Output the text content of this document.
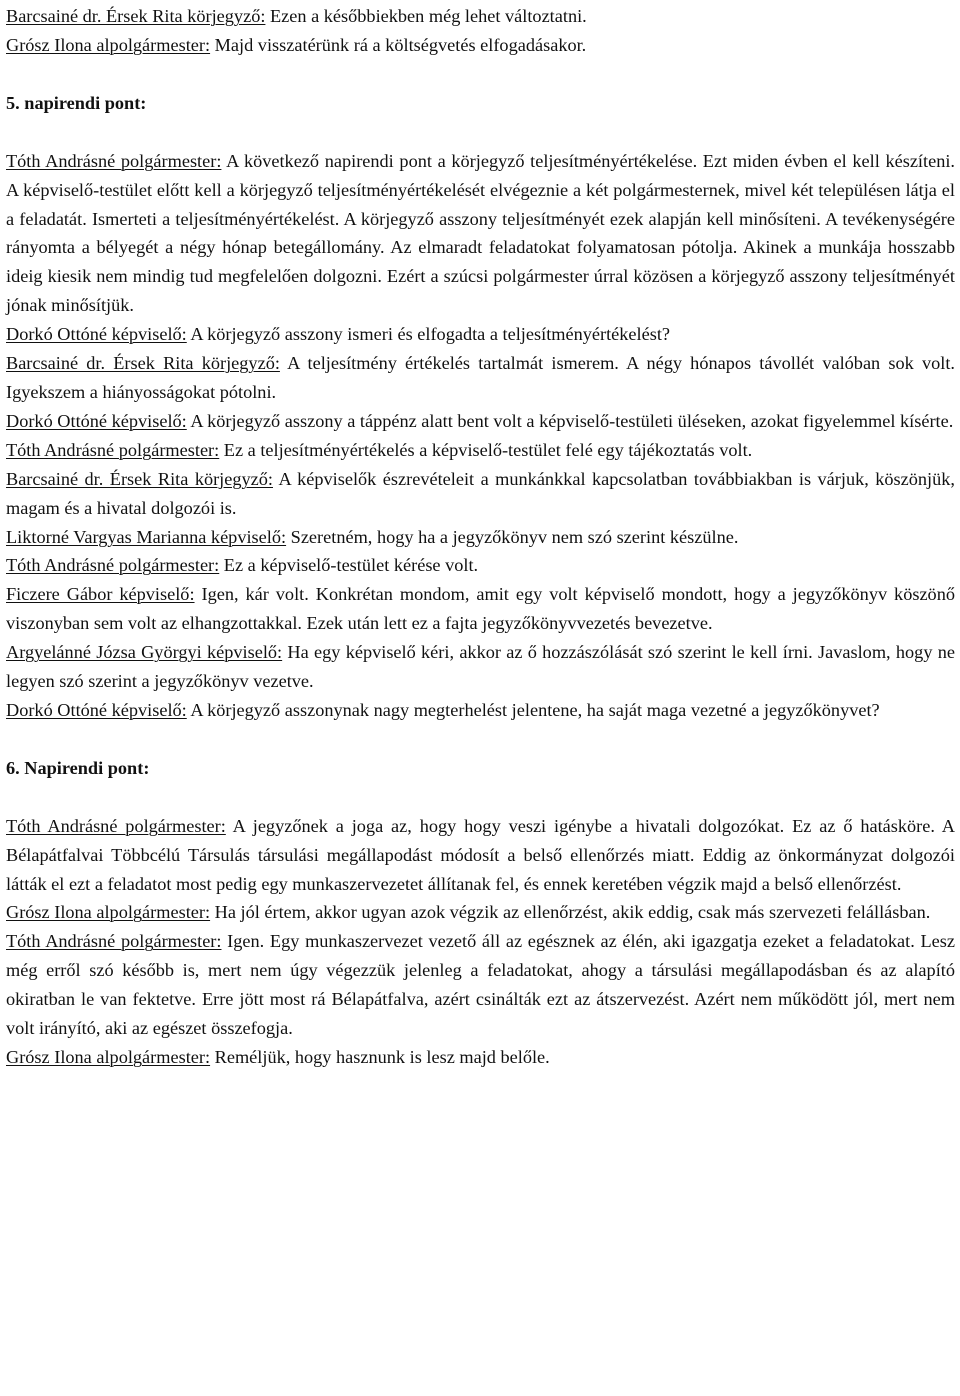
Barcsainé dr. Érsek Rita körjegyző: Ezen a későbbiekben még lehet változtatni.

Grósz Ilona alpolgármester: Majd visszatérünk rá a költségvetés elfogadásakor.

5. napirendi pont:

Tóth Andrásné polgármester: A következő napirendi pont a körjegyző teljesítményértékelése. Ezt miden évben el kell készíteni. A képviselő-testület előtt kell a körjegyző teljesítményértékelését elvégeznie a két polgármesternek, mivel két településen látja el a feladatát. Ismerteti a teljesítményértékelést. A körjegyző asszony teljesítményét ezek alapján kell minősíteni. A tevékenységére rányomta a bélyegét a négy hónap betegállomány. Az elmaradt feladatokat folyamatosan pótolja. Akinek a munkája hosszabb ideig kiesik nem mindig tud megfelelően dolgozni. Ezért a szúcsi polgármester úrral közösen a körjegyző asszony teljesítményét jónak minősítjük.

Dorkó Ottóné képviselő: A körjegyző asszony ismeri és elfogadta a teljesítményértékelést?

Barcsainé dr. Érsek Rita körjegyző: A teljesítmény értékelés tartalmát ismerem. A négy hónapos távollét valóban sok volt. Igyekszem a hiányosságokat pótolni.

Dorkó Ottóné képviselő: A körjegyző asszony a táppénz alatt bent volt a képviselő-testületi üléseken, azokat figyelemmel kísérte.

Tóth Andrásné polgármester: Ez a teljesítményértékelés a képviselő-testület felé egy tájékoztatás volt.

Barcsainé dr. Érsek Rita körjegyző: A képviselők észrevételeit a munkánkkal kapcsolatban továbbiakban is várjuk, köszönjük, magam és a hivatal dolgozói is.

Liktorné Vargyas Marianna képviselő: Szeretném, hogy ha a jegyzőkönyv nem szó szerint készülne.

Tóth Andrásné polgármester: Ez a képviselő-testület kérése volt.

Ficzere Gábor képviselő: Igen, kár volt. Konkrétan mondom, amit egy volt képviselő mondott, hogy a jegyzőkönyv köszönő viszonyban sem volt az elhangzottakkal. Ezek után lett ez a fajta jegyzőkönyvvezetés bevezetve.

Argyelánné Józsa Györgyi képviselő: Ha egy képviselő kéri, akkor az ő hozzászólását szó szerint le kell írni. Javaslom, hogy ne legyen szó szerint a jegyzőkönyv vezetve.

Dorkó Ottóné képviselő: A körjegyző asszonynak nagy megterhelést jelentene, ha saját maga vezetné a jegyzőkönyvet?

6. Napirendi pont:

Tóth Andrásné polgármester: A jegyzőnek a joga az, hogy hogy veszi igénybe a hivatali dolgozókat. Ez az ő hatásköre. A Bélapátfalvai Többcélú Társulás társulási megállapodást módosít a belső ellenőrzés miatt. Eddig az önkormányzat dolgozói látták el ezt a feladatot most pedig egy munkaszervezetet állítanak fel, és ennek keretében végzik majd a belső ellenőrzést.

Grósz Ilona alpolgármester: Ha jól értem, akkor ugyan azok végzik az ellenőrzést, akik eddig, csak más szervezeti felállásban.

Tóth Andrásné polgármester: Igen. Egy munkaszervezet vezető áll az egésznek az élén, aki igazgatja ezeket a feladatokat. Lesz még erről szó később is, mert nem úgy végezzük jelenleg a feladatokat, ahogy a társulási megállapodásban és az alapító okiratban le van fektetve. Erre jött most rá Bélapátfalva, azért csinálták ezt az átszervezést. Azért nem működött jól, mert nem volt irányító, aki az egészet összefogja.

Grósz Ilona alpolgármester: Reméljük, hogy hasznunk is lesz majd belőle.
